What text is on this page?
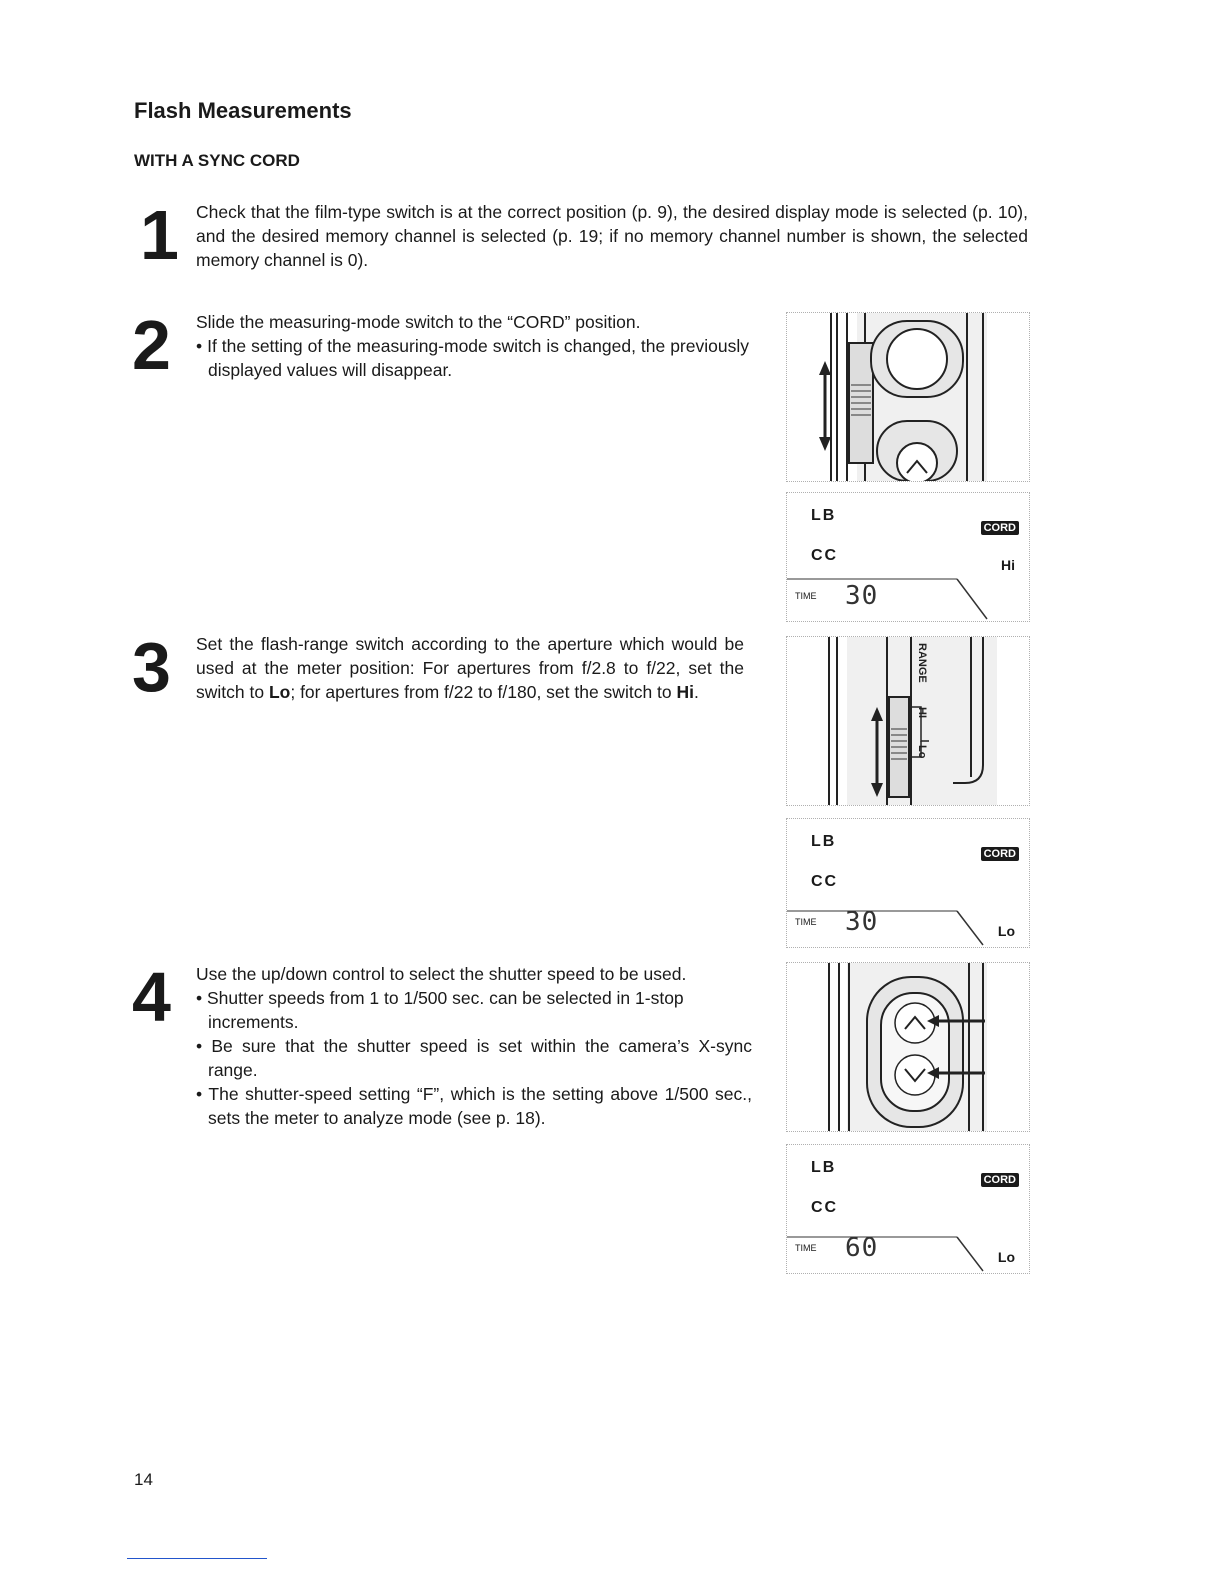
Flash Measurements
WITH A SYNC CORD
1 Check that the film-type switch is at the correct position (p. 9), the desired display mode is selected (p. 10), and the desired memory channel is selected (p. 19; if no memory channel number is shown, the selected memory channel is 0).

2 Slide the measuring-mode switch to the “CORD” position.

• If the setting of the measuring-mode switch is changed, the previously displayed values will disappear.

3 Set the flash-range switch according to the aperture which would be used at the meter position: For apertures from f/2.8 to f/22, set the switch to Lo; for apertures from f/22 to f/180, set the switch to Hi.

4 Use the up/down control to select the shutter speed to be used.

• Shutter speeds from 1 to 1/500 sec. can be selected in 1-stop increments.

• Be sure that the shutter speed is set within the camera’s X-sync range.

• The shutter-speed setting “F”, which is the setting above 1/500 sec., sets the meter to analyze mode (see p. 18).

LB
CC
TIME 30
CORD
Hi
RANGE
HI
Lo
LB
CC
TIME 30
CORD
Lo
LB
CC
TIME 60
CORD
Lo
14
